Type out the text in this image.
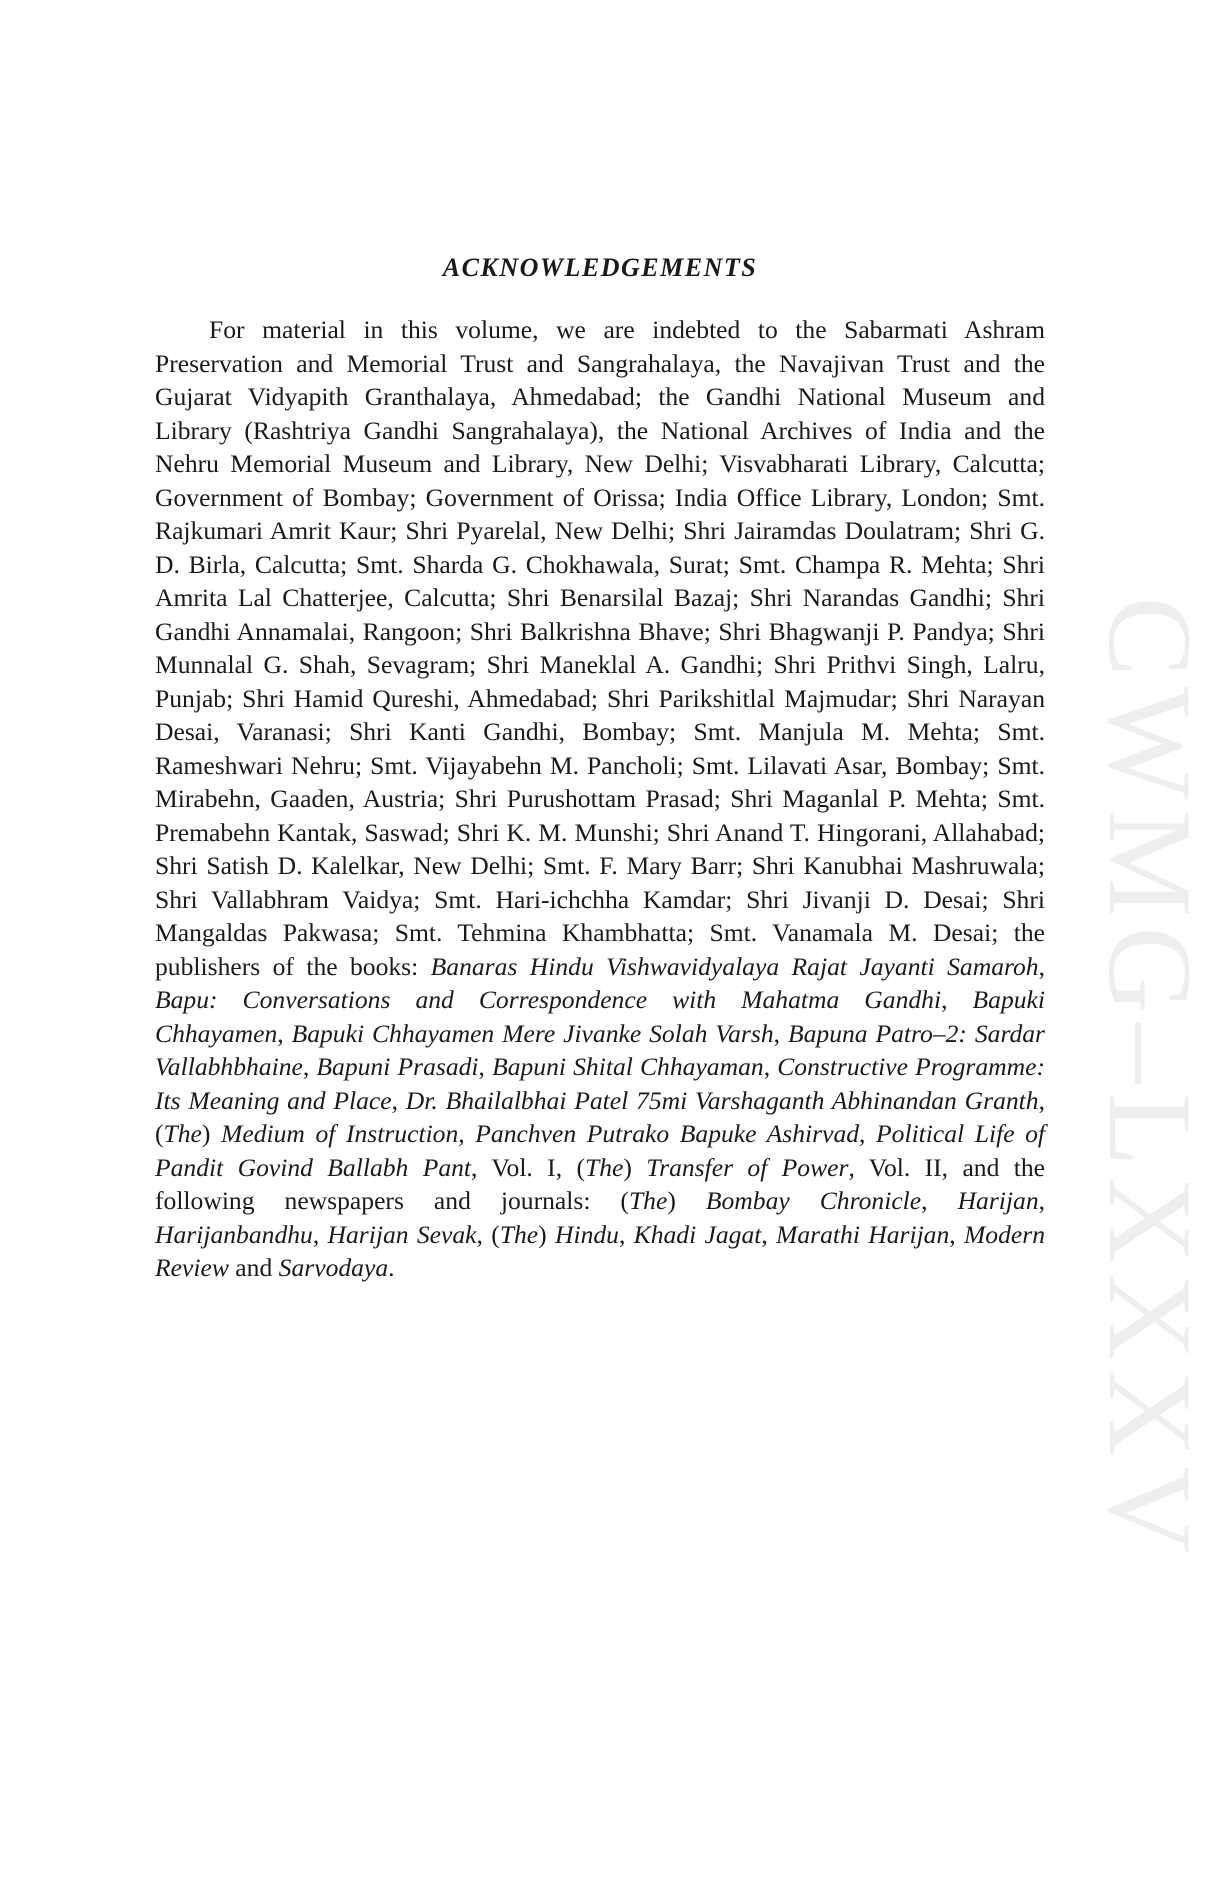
CWMG–LXXXV
ACKNOWLEDGEMENTS

For material in this volume, we are indebted to the Sabarmati Ashram Preservation and Memorial Trust and Sangrahalaya, the Navajivan Trust and the Gujarat Vidyapith Granthalaya, Ahmedabad; the Gandhi National Museum and Library (Rashtriya Gandhi Sangrahalaya), the National Archives of India and the Nehru Memorial Museum and Library, New Delhi; Visvabharati Library, Calcutta; Government of Bombay; Government of Orissa; India Office Library, London; Smt. Rajkumari Amrit Kaur; Shri Pyarelal, New Delhi; Shri Jairamdas Doulatram; Shri G. D. Birla, Calcutta; Smt. Sharda G. Chokhawala, Surat; Smt. Champa R. Mehta; Shri Amrita Lal Chatterjee, Calcutta; Shri Benarsilal Bazaj; Shri Narandas Gandhi; Shri Gandhi Annamalai, Rangoon; Shri Balkrishna Bhave; Shri Bhagwanji P. Pandya; Shri Munnalal G. Shah, Sevagram; Shri Maneklal A. Gandhi; Shri Prithvi Singh, Lalru, Punjab; Shri Hamid Qureshi, Ahmedabad; Shri Parikshitlal Majmudar; Shri Narayan Desai, Varanasi; Shri Kanti Gandhi, Bombay; Smt. Manjula M. Mehta; Smt. Rameshwari Nehru; Smt. Vijayabehn M. Pancholi; Smt. Lilavati Asar, Bombay; Smt. Mirabehn, Gaaden, Austria; Shri Purushottam Prasad; Shri Maganlal P. Mehta; Smt. Premabehn Kantak, Saswad; Shri K. M. Munshi; Shri Anand T. Hingorani, Allahabad; Shri Satish D. Kalelkar, New Delhi; Smt. F. Mary Barr; Shri Kanubhai Mashruwala; Shri Vallabhram Vaidya; Smt. Hari-ichchha Kamdar; Shri Jivanji D. Desai; Shri Mangaldas Pakwasa; Smt. Tehmina Khambhatta; Smt. Vanamala M. Desai; the publishers of the books: Banaras Hindu Vishwavidyalaya Rajat Jayanti Samaroh, Bapu: Conversations and Correspondence with Mahatma Gandhi, Bapuki Chhayamen, Bapuki Chhayamen Mere Jivanke Solah Varsh, Bapuna Patro–2: Sardar Vallabhbhaine, Bapuni Prasadi, Bapuni Shital Chhayaman, Constructive Programme: Its Meaning and Place, Dr. Bhailalbhai Patel 75mi Varshaganth Abhinandan Granth, (The) Medium of Instruction, Panchven Putrako Bapuke Ashirvad, Political Life of Pandit Govind Ballabh Pant, Vol. I, (The) Transfer of Power, Vol. II, and the following newspapers and journals: (The) Bombay Chronicle, Harijan, Harijanbandhu, Harijan Sevak, (The) Hindu, Khadi Jagat, Marathi Harijan, Modern Review and Sarvodaya.
